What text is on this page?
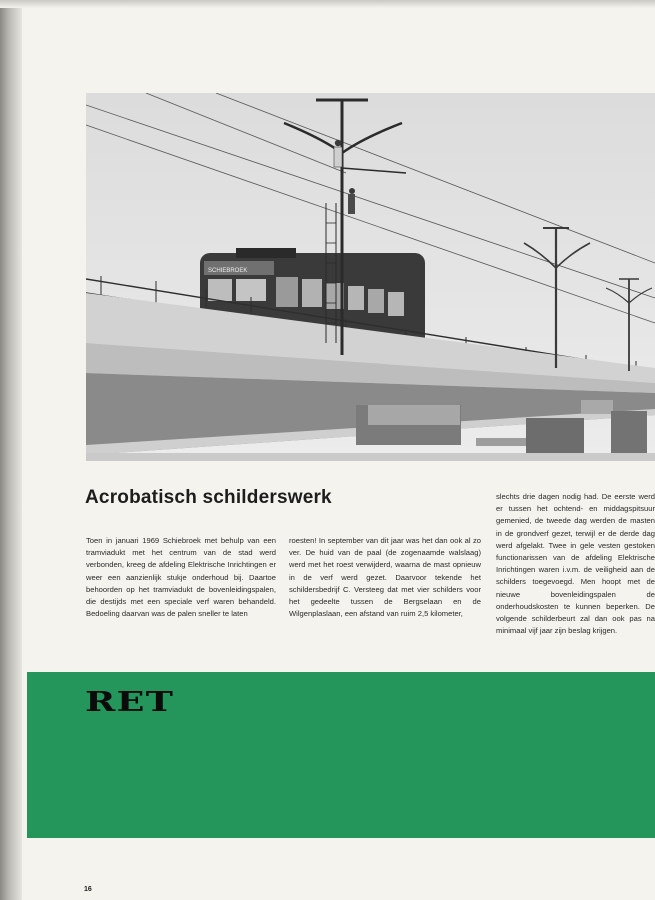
SCHIEBROEK
Acrobatisch schilderswerk

Toen in januari 1969 Schiebroek met behulp van een tramviadukt met het centrum van de stad werd verbonden, kreeg de afdeling Elektrische Inrichtingen er weer een aanzienlijk stukje onderhoud bij. Daartoe behoorden op het tramviadukt de bovenleidingspalen, die destijds met een speciale verf waren behandeld. Bedoeling daarvan was de palen sneller te laten

roesten! In september van dit jaar was het dan ook al zo ver. De huid van de paal (de zogenaamde walslaag) werd met het roest verwijderd, waarna de mast opnieuw in de verf werd gezet. Daarvoor tekende het schildersbedrijf C. Versteeg dat met vier schilders voor het gedeelte tussen de Bergselaan en de Wilgenplaslaan, een afstand van ruim 2,5 kilometer,

slechts drie dagen nodig had. De eerste werd er tussen het ochtend- en middagspitsuur gemenied, de tweede dag werden de masten in de grondverf gezet, terwijl er de derde dag werd afgelakt. Twee in gele vesten gestoken functionarissen van de afdeling Elektrische Inrichtingen waren i.v.m. de veiligheid aan de schilders toegevoegd. Men hoopt met de nieuwe bovenleidingspalen de onderhoudskosten te kunnen beperken. De volgende schilderbeurt zal dan ook pas na minimaal vijf jaar zijn beslag krijgen.

RET

16
